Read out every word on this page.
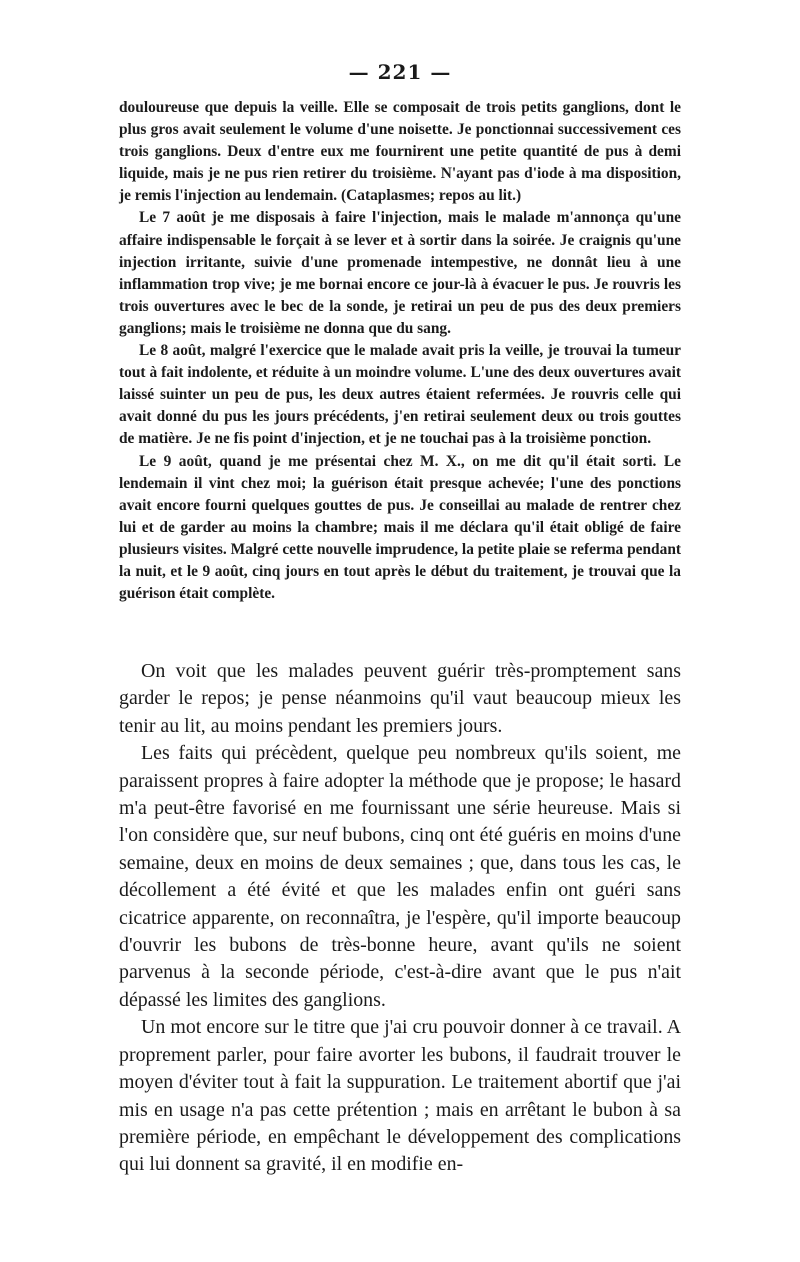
— 221 —

douloureuse que depuis la veille. Elle se composait de trois petits ganglions, dont le plus gros avait seulement le volume d'une noisette. Je ponctionnai successivement ces trois ganglions. Deux d'entre eux me fournirent une petite quantité de pus à demi liquide, mais je ne pus rien retirer du troisième. N'ayant pas d'iode à ma disposition, je remis l'injection au lendemain. (Cataplasmes; repos au lit.)

Le 7 août je me disposais à faire l'injection, mais le malade m'annonça qu'une affaire indispensable le forçait à se lever et à sortir dans la soirée. Je craignis qu'une injection irritante, suivie d'une promenade intempestive, ne donnât lieu à une inflammation trop vive; je me bornai encore ce jour-là à évacuer le pus. Je rouvris les trois ouvertures avec le bec de la sonde, je retirai un peu de pus des deux premiers ganglions; mais le troisième ne donna que du sang.

Le 8 août, malgré l'exercice que le malade avait pris la veille, je trouvai la tumeur tout à fait indolente, et réduite à un moindre volume. L'une des deux ouvertures avait laissé suinter un peu de pus, les deux autres étaient refermées. Je rouvris celle qui avait donné du pus les jours précédents, j'en retirai seulement deux ou trois gouttes de matière. Je ne fis point d'injection, et je ne touchai pas à la troisième ponction.

Le 9 août, quand je me présentai chez M. X., on me dit qu'il était sorti. Le lendemain il vint chez moi; la guérison était presque achevée; l'une des ponctions avait encore fourni quelques gouttes de pus. Je conseillai au malade de rentrer chez lui et de garder au moins la chambre; mais il me déclara qu'il était obligé de faire plusieurs visites. Malgré cette nouvelle imprudence, la petite plaie se referma pendant la nuit, et le 9 août, cinq jours en tout après le début du traitement, je trouvai que la guérison était complète.

On voit que les malades peuvent guérir très-promptement sans garder le repos; je pense néanmoins qu'il vaut beaucoup mieux les tenir au lit, au moins pendant les premiers jours.

Les faits qui précèdent, quelque peu nombreux qu'ils soient, me paraissent propres à faire adopter la méthode que je propose; le hasard m'a peut-être favorisé en me fournissant une série heureuse. Mais si l'on considère que, sur neuf bubons, cinq ont été guéris en moins d'une semaine, deux en moins de deux semaines ; que, dans tous les cas, le décollement a été évité et que les malades enfin ont guéri sans cicatrice apparente, on reconnaîtra, je l'espère, qu'il importe beaucoup d'ouvrir les bubons de très-bonne heure, avant qu'ils ne soient parvenus à la seconde période, c'est-à-dire avant que le pus n'ait dépassé les limites des ganglions.

Un mot encore sur le titre que j'ai cru pouvoir donner à ce travail. A proprement parler, pour faire avorter les bubons, il faudrait trouver le moyen d'éviter tout à fait la suppuration. Le traitement abortif que j'ai mis en usage n'a pas cette prétention ; mais en arrêtant le bubon à sa première période, en empêchant le développement des complications qui lui donnent sa gravité, il en modifie en-
